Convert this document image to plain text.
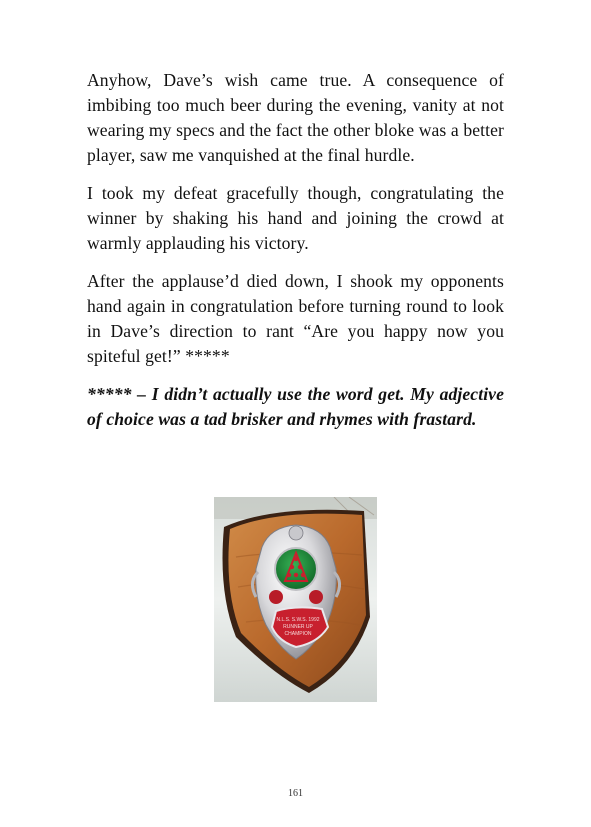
Anyhow, Dave’s wish came true. A consequence of imbibing too much beer during the evening, vanity at not wearing my specs and the fact the other bloke was a better player, saw me vanquished at the final hurdle.

I took my defeat gracefully though, congratulating the winner by shaking his hand and joining the crowd at warmly applauding his victory.

After the applause’d died down, I shook my opponents hand again in congratulation before turning round to look in Dave’s direction to rant “Are you happy now you spiteful get!” *****

***** – I didn’t actually use the word get. My adjective of choice was a tad brisker and rhymes with frastard.

N.L.S. S.W.S. 1992
RUNNER UP
CHAMPION
161
